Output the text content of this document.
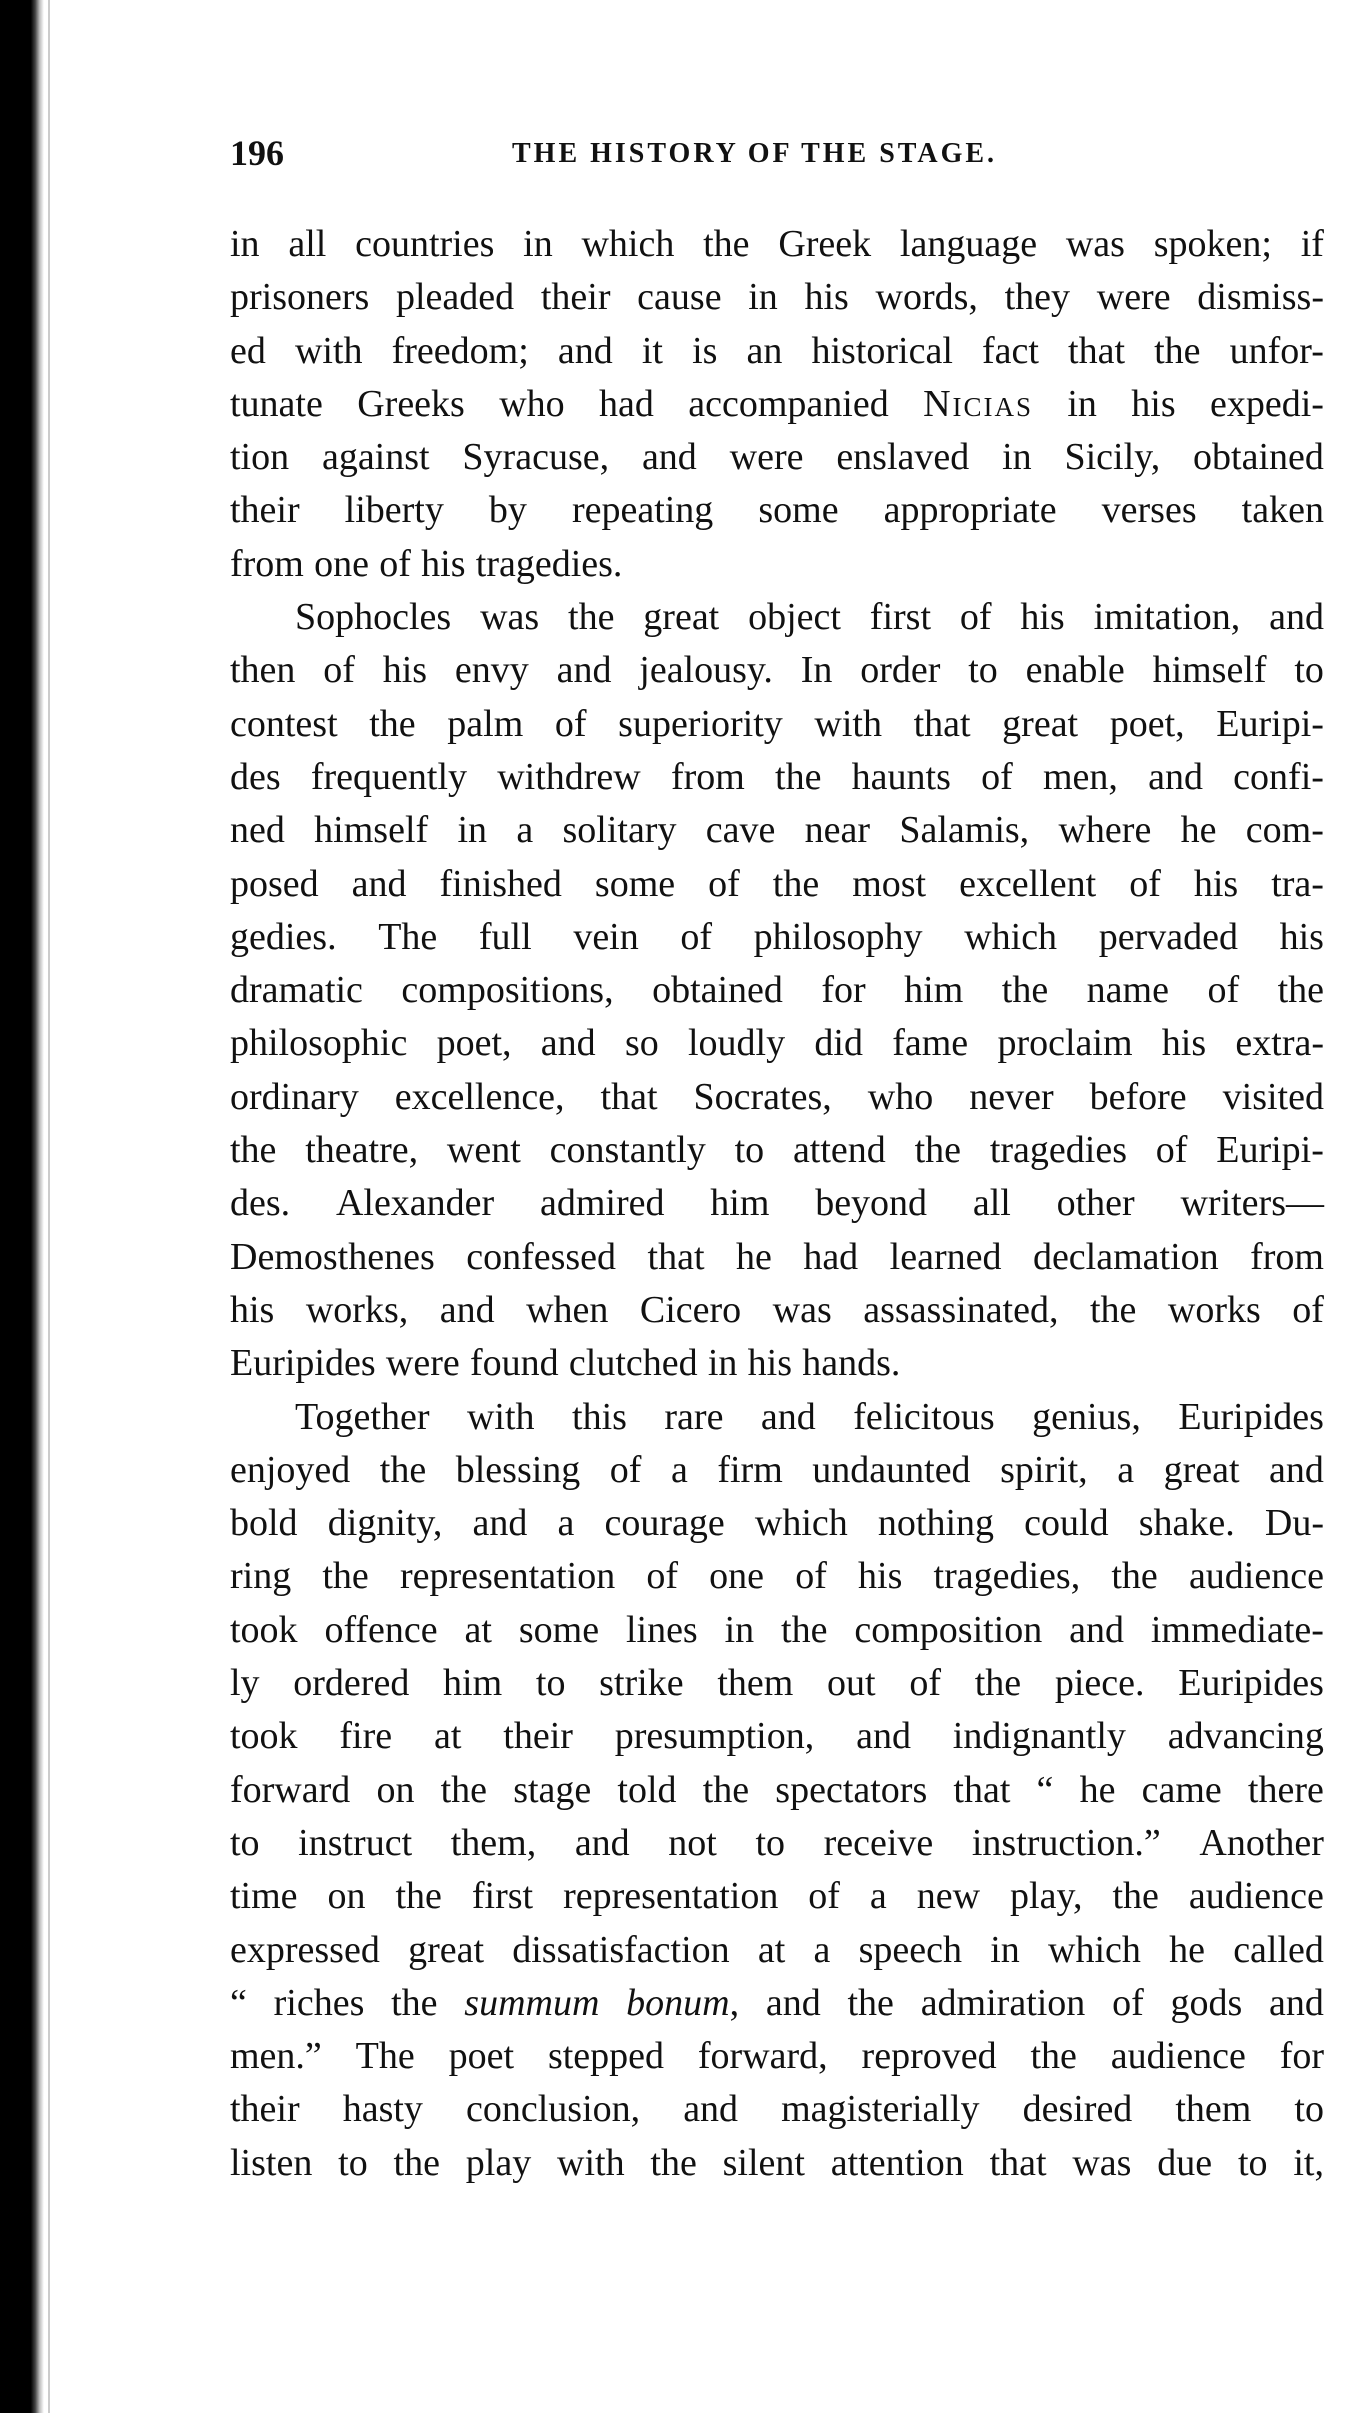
196	THE HISTORY OF THE STAGE.
in all countries in which the Greek language was spoken; if
prisoners pleaded their cause in his words, they were dismiss-
ed with freedom; and it is an historical fact that the unfor-
tunate Greeks who had accompanied Nicias in his expedi-
tion against Syracuse, and were enslaved in Sicily, obtained
their liberty by repeating some appropriate verses taken
from one of his tragedies.
Sophocles was the great object first of his imitation, and
then of his envy and jealousy. In order to enable himself to
contest the palm of superiority with that great poet, Euripi-
des frequently withdrew from the haunts of men, and confi-
ned himself in a solitary cave near Salamis, where he com-
posed and finished some of the most excellent of his tra-
gedies. The full vein of philosophy which pervaded his
dramatic compositions, obtained for him the name of the
philosophic poet, and so loudly did fame proclaim his extra-
ordinary excellence, that Socrates, who never before visited
the theatre, went constantly to attend the tragedies of Euripi-
des. Alexander admired him beyond all other writers—
Demosthenes confessed that he had learned declamation from
his works, and when Cicero was assassinated, the works of
Euripides were found clutched in his hands.
Together with this rare and felicitous genius, Euripides
enjoyed the blessing of a firm undaunted spirit, a great and
bold dignity, and a courage which nothing could shake. Du-
ring the representation of one of his tragedies, the audience
took offence at some lines in the composition and immediate-
ly ordered him to strike them out of the piece. Euripides
took fire at their presumption, and indignantly advancing
forward on the stage told the spectators that “ he came there
to instruct them, and not to receive instruction.” Another
time on the first representation of a new play, the audience
expressed great dissatisfaction at a speech in which he called
“ riches the summum bonum, and the admiration of gods and
men.” The poet stepped forward, reproved the audience for
their hasty conclusion, and magisterially desired them to
listen to the play with the silent attention that was due to it,
